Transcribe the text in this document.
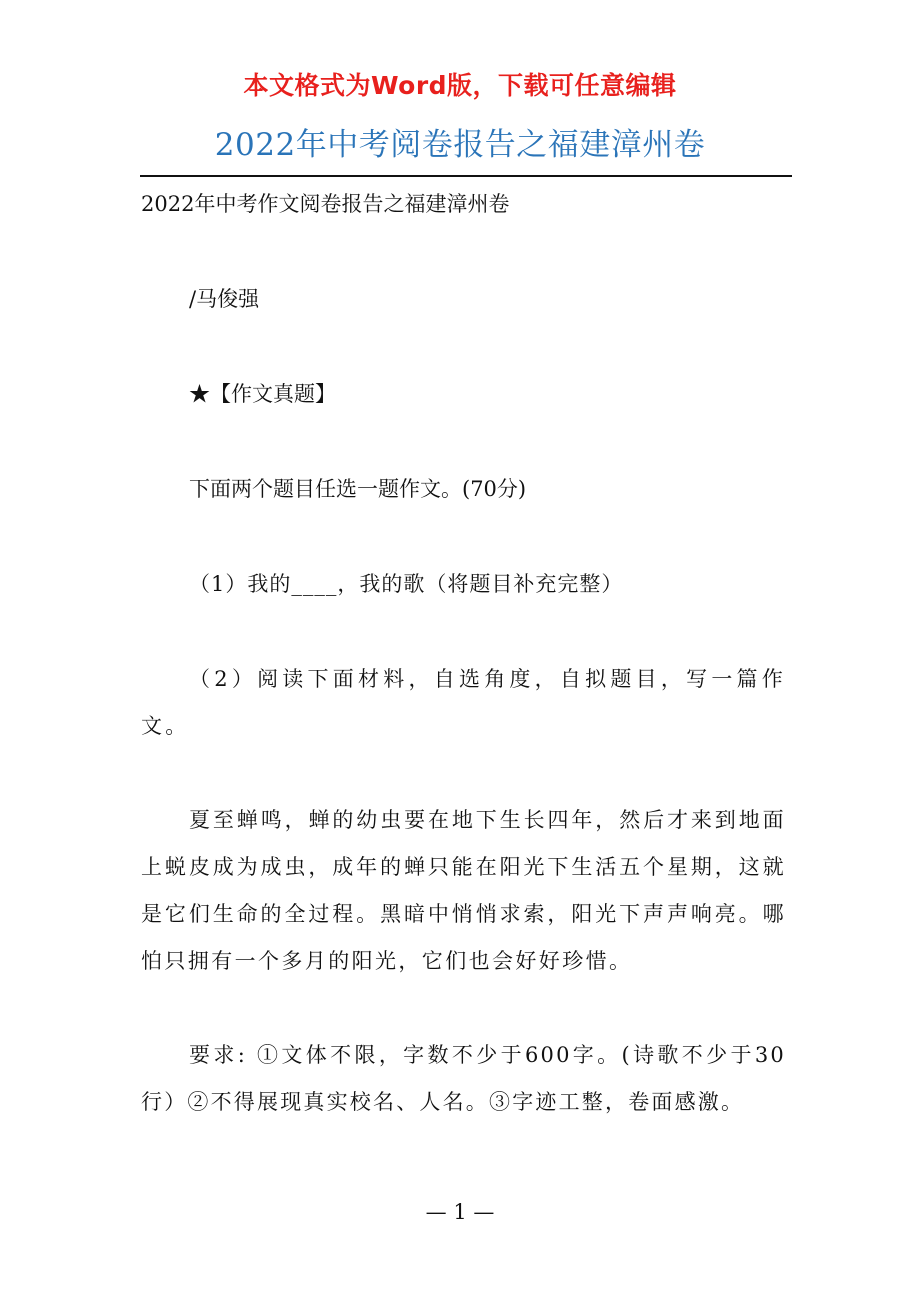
本文格式为Word版，下载可任意编辑
2022年中考阅卷报告之福建漳州卷

2022年中考作文阅卷报告之福建漳州卷

/马俊强

★【作文真题】

下面两个题目任选一题作文。(70分)

（1）我的____，我的歌（将题目补充完整）

（2）阅读下面材料，自选角度，自拟题目，写一篇作文。

夏至蝉鸣，蝉的幼虫要在地下生长四年，然后才来到地面上蜕皮成为成虫，成年的蝉只能在阳光下生活五个星期，这就是它们生命的全过程。黑暗中悄悄求索，阳光下声声响亮。哪怕只拥有一个多月的阳光，它们也会好好珍惜。

要求: ①文体不限，字数不少于600字。(诗歌不少于30行）②不得展现真实校名、人名。③字迹工整，卷面感激。

— 1 —
